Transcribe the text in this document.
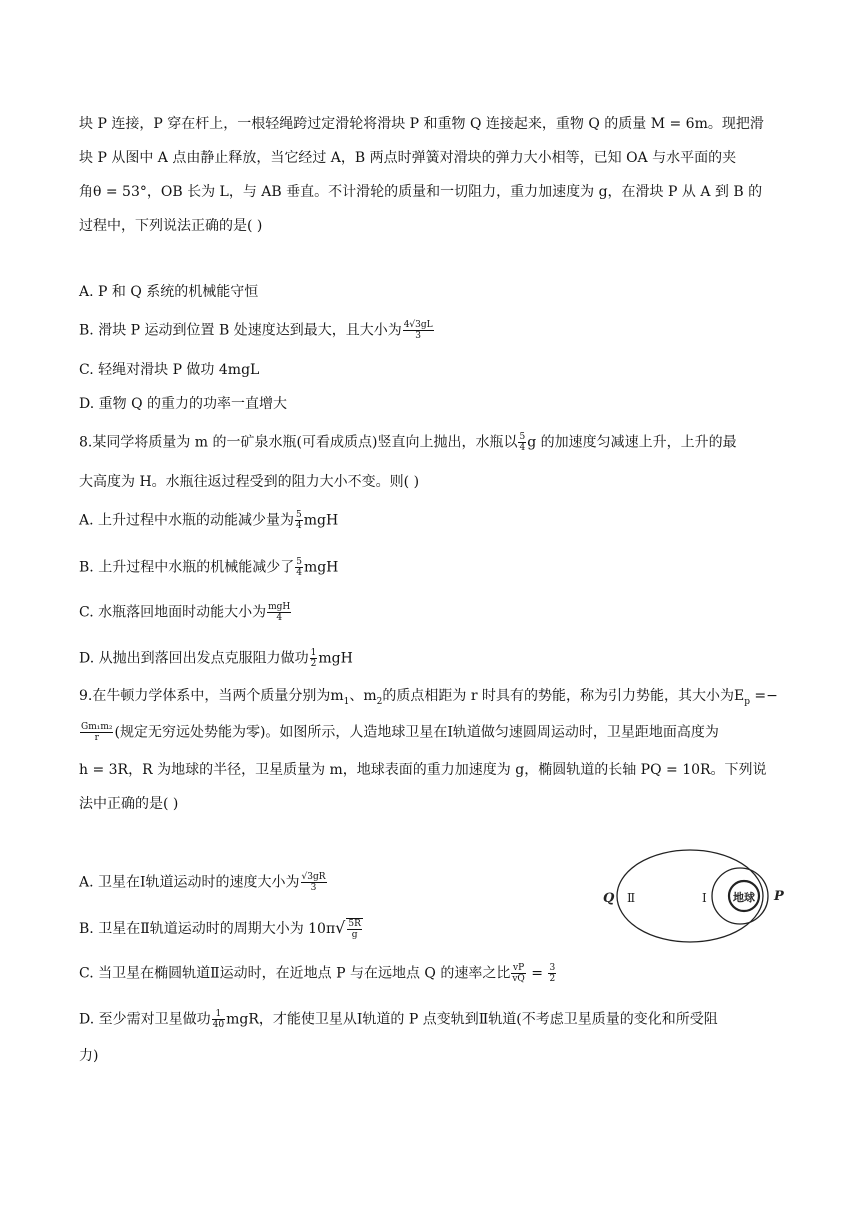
块 P 连接，P 穿在杆上，一根轻绳跨过定滑轮将滑块 P 和重物 Q 连接起来，重物 Q 的质量 M = 6m。现把滑
块 P 从图中 A 点由静止释放，当它经过 A，B 两点时弹簧对滑块的弹力大小相等，已知 OA 与水平面的夹
角θ = 53°，OB 长为 L，与 AB 垂直。不计滑轮的质量和一切阻力，重力加速度为 g，在滑块 P 从 A 到 B 的
过程中，下列说法正确的是( )
A. P 和 Q 系统的机械能守恒
B. 滑块 P 运动到位置 B 处速度达到最大，且大小为 $\frac{4√3gL}{3}$
C. 轻绳对滑块 P 做功 4mgL
D. 重物 Q 的重力的功率一直增大
8.某同学将质量为 m 的一矿泉水瓶(可看成质点)竖直向上抛出，水瓶以 $\frac{5}{4}$ g 的加速度匀减速上升，上升的最
大高度为 H。水瓶往返过程受到的阻力大小不变。则( )
A. 上升过程中水瓶的动能减少量为 $\frac{5}{4}$ mgH
B. 上升过程中水瓶的机械能减少了 $\frac{5}{4}$ mgH
C. 水瓶落回地面时动能大小为 $\frac{\text{mgH}}{4}$
D. 从抛出到落回出发点克服阻力做功 $\frac{1}{2}$ mgH
9.在牛顿力学体系中，当两个质量分别为$m_1$、$m_2$的质点相距为 r 时具有的势能，称为引力势能，其大小为$E_p$ =−
$\frac{\text{Gm₁m₂}}{r}$ (规定无穷远处势能为零)。如图所示，人造地球卫星在Ⅰ轨道做匀速圆周运动时，卫星距地面高度为
h = 3R，R 为地球的半径，卫星质量为 m，地球表面的重力加速度为 g，椭圆轨道的长轴 PQ = 10R。下列说
法中正确的是( )
A. 卫星在Ⅰ轨道运动时的速度大小为 $\frac{√3gR}{3}$
B. 卫星在Ⅱ轨道运动时的周期大小为 $10\pi√ \frac{5R}{g}$
C. 当卫星在椭圆轨道Ⅱ运动时，在近地点 P 与在远地点 Q 的速率之比 $\frac{vP}{vQ} = \frac{3}{2}$
D. 至少需对卫星做功 $\frac{1}{40}$ mgR，才能使卫星从Ⅰ轨道的 P 点变轨到Ⅱ轨道(不考虑卫星质量的变化和所受阻
力)
Q Ⅱ	Ⅰ 地球 P
